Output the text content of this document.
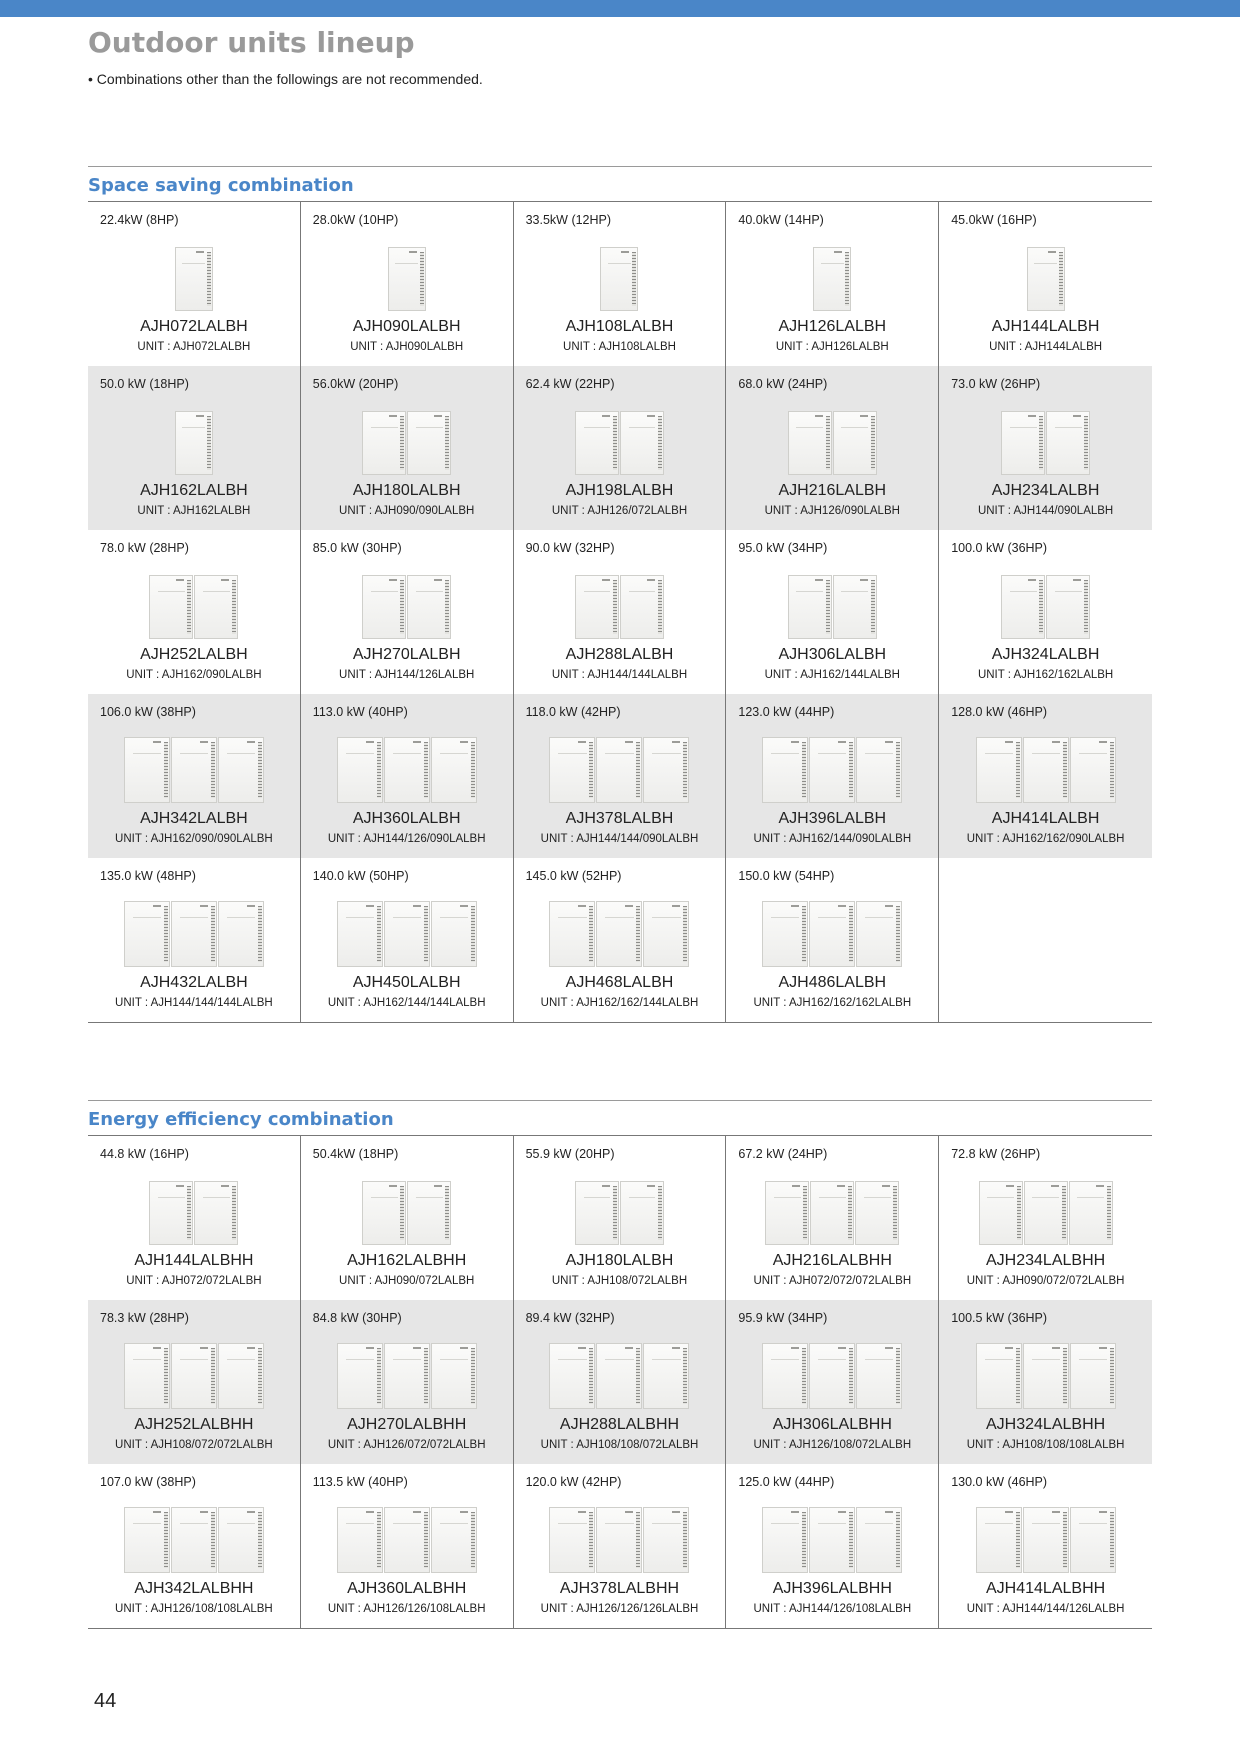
Outdoor units lineup
• Combinations other than the followings are not recommended.
Space saving combination
22.4kW (8HP)
AJH072LALBH
UNIT : AJH072LALBH
28.0kW (10HP)
AJH090LALBH
UNIT : AJH090LALBH
33.5kW (12HP)
AJH108LALBH
UNIT : AJH108LALBH
40.0kW (14HP)
AJH126LALBH
UNIT : AJH126LALBH
45.0kW (16HP)
AJH144LALBH
UNIT : AJH144LALBH
50.0 kW (18HP)
AJH162LALBH
UNIT : AJH162LALBH
56.0kW (20HP)
AJH180LALBH
UNIT : AJH090/090LALBH
62.4 kW (22HP)
AJH198LALBH
UNIT : AJH126/072LALBH
68.0 kW (24HP)
AJH216LALBH
UNIT : AJH126/090LALBH
73.0 kW (26HP)
AJH234LALBH
UNIT : AJH144/090LALBH
78.0 kW (28HP)
AJH252LALBH
UNIT : AJH162/090LALBH
85.0 kW (30HP)
AJH270LALBH
UNIT : AJH144/126LALBH
90.0 kW (32HP)
AJH288LALBH
UNIT : AJH144/144LALBH
95.0 kW (34HP)
AJH306LALBH
UNIT : AJH162/144LALBH
100.0 kW (36HP)
AJH324LALBH
UNIT : AJH162/162LALBH
106.0 kW (38HP)
AJH342LALBH
UNIT : AJH162/090/090LALBH
113.0 kW (40HP)
AJH360LALBH
UNIT : AJH144/126/090LALBH
118.0 kW (42HP)
AJH378LALBH
UNIT : AJH144/144/090LALBH
123.0 kW (44HP)
AJH396LALBH
UNIT : AJH162/144/090LALBH
128.0 kW (46HP)
AJH414LALBH
UNIT : AJH162/162/090LALBH
135.0 kW (48HP)
AJH432LALBH
UNIT : AJH144/144/144LALBH
140.0 kW (50HP)
AJH450LALBH
UNIT : AJH162/144/144LALBH
145.0 kW (52HP)
AJH468LALBH
UNIT : AJH162/162/144LALBH
150.0 kW (54HP)
AJH486LALBH
UNIT : AJH162/162/162LALBH
Energy efficiency combination
44.8 kW (16HP)
AJH144LALBHH
UNIT : AJH072/072LALBH
50.4kW (18HP)
AJH162LALBHH
UNIT : AJH090/072LALBH
55.9 kW (20HP)
AJH180LALBH
UNIT : AJH108/072LALBH
67.2 kW (24HP)
AJH216LALBHH
UNIT : AJH072/072/072LALBH
72.8 kW (26HP)
AJH234LALBHH
UNIT : AJH090/072/072LALBH
78.3 kW (28HP)
AJH252LALBHH
UNIT : AJH108/072/072LALBH
84.8 kW (30HP)
AJH270LALBHH
UNIT : AJH126/072/072LALBH
89.4 kW (32HP)
AJH288LALBHH
UNIT : AJH108/108/072LALBH
95.9 kW (34HP)
AJH306LALBHH
UNIT : AJH126/108/072LALBH
100.5 kW (36HP)
AJH324LALBHH
UNIT : AJH108/108/108LALBH
107.0 kW (38HP)
AJH342LALBHH
UNIT : AJH126/108/108LALBH
113.5 kW (40HP)
AJH360LALBHH
UNIT : AJH126/126/108LALBH
120.0 kW (42HP)
AJH378LALBHH
UNIT : AJH126/126/126LALBH
125.0 kW (44HP)
AJH396LALBHH
UNIT : AJH144/126/108LALBH
130.0 kW (46HP)
AJH414LALBHH
UNIT : AJH144/144/126LALBH
44
